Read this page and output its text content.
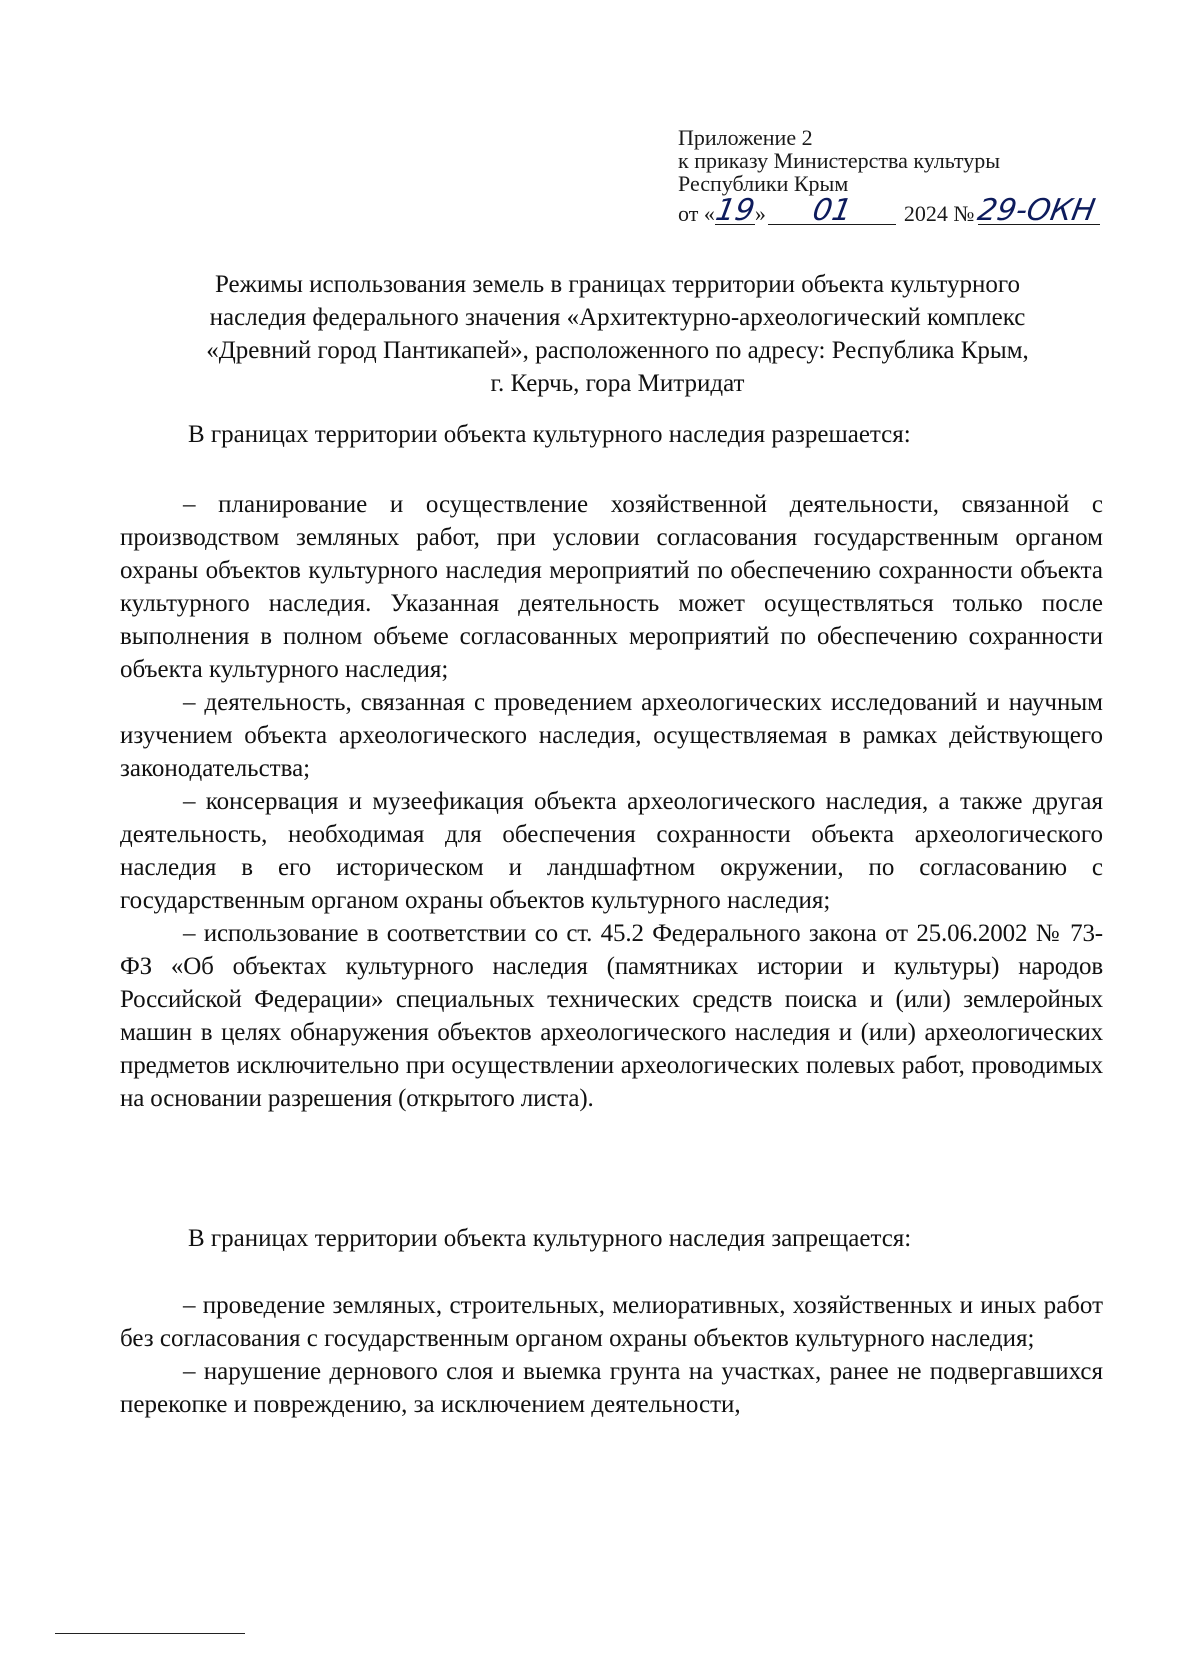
Приложение 2
к приказу Министерства культуры
Республики Крым
от «
19
»	01	2024 № 29-ОКН
Режимы использования земель в границах территории объекта культурного
наследия федерального значения «Архитектурно-археологический комплекс
«Древний город Пантикапей», расположенного по адресу: Республика Крым,
г. Керчь, гора Митридат
В границах территории объекта культурного наследия разрешается:

– планирование и осуществление хозяйственной деятельности, связанной с производством земляных работ, при условии согласования государственным органом охраны объектов культурного наследия мероприятий по обеспечению сохранности объекта культурного наследия. Указанная деятельность может осуществляться только после выполнения в полном объеме согласованных мероприятий по обеспечению сохранности объекта культурного наследия;

– деятельность, связанная с проведением археологических исследований и научным изучением объекта археологического наследия, осуществляемая в рамках действующего законодательства;

– консервация и музеефикация объекта археологического наследия, а также другая деятельность, необходимая для обеспечения сохранности объекта археологического наследия в его историческом и ландшафтном окружении, по согласованию с государственным органом охраны объектов культурного наследия;

– использование в соответствии со ст. 45.2 Федерального закона от 25.06.2002 № 73-ФЗ «Об объектах культурного наследия (памятниках истории и культуры) народов Российской Федерации» специальных технических средств поиска и (или) землеройных машин в целях обнаружения объектов археологического наследия и (или) археологических предметов исключительно при осуществлении археологических полевых работ, проводимых на основании разрешения (открытого листа).

В границах территории объекта культурного наследия запрещается:

– проведение земляных, строительных, мелиоративных, хозяйственных и иных работ без согласования с государственным органом охраны объектов культурного наследия;

– нарушение дернового слоя и выемка грунта на участках, ранее не подвергавшихся перекопке и повреждению, за исключением деятельности,
